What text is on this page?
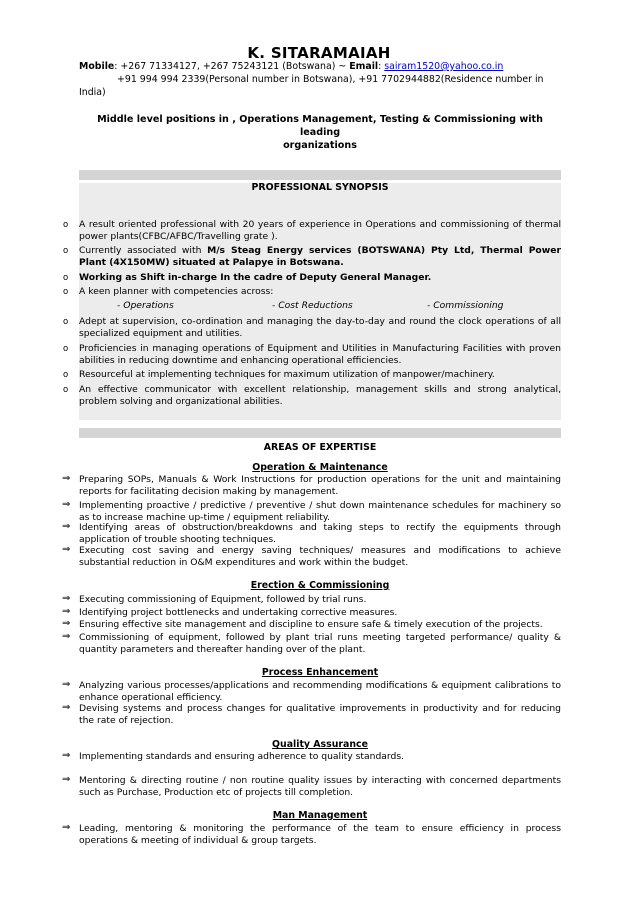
K. SITARAMAIAH
Mobile: +267 71334127, +267 75243121 (Botswana) ~ Email: sairam1520@yahoo.co.in
+91 994 994 2339(Personal number in Botswana), +91 7702944882(Residence number in
India)
Middle level positions in , Operations Management, Testing & Commissioning with leading
organizations
PROFESSIONAL SYNOPSIS
o A result oriented professional with 20 years of experience in Operations and commissioning of thermal power plants(CFBC/AFBC/Travelling grate ).
o Currently associated with M/s Steag Energy services (BOTSWANA) Pty Ltd, Thermal Power Plant (4X150MW) situated at Palapye in Botswana.
o Working as Shift in-charge In the cadre of Deputy General Manager.
o A keen planner with competencies across:
- Operations	- Cost Reductions	- Commissioning
o Adept at supervision, co-ordination and managing the day-to-day and round the clock operations of all specialized equipment and utilities.
o Proficiencies in managing operations of Equipment and Utilities in Manufacturing Facilities with proven abilities in reducing downtime and enhancing operational efficiencies.
o Resourceful at implementing techniques for maximum utilization of manpower/machinery.
o An effective communicator with excellent relationship, management skills and strong analytical, problem solving and organizational abilities.
AREAS OF EXPERTISE
Operation & Maintenance
⇒ Preparing SOPs, Manuals & Work Instructions for production operations for the unit and maintaining reports for facilitating decision making by management.
⇒ Implementing proactive / predictive / preventive / shut down maintenance schedules for machinery so as to increase machine up-time / equipment reliability.
⇒ Identifying areas of obstruction/breakdowns and taking steps to rectify the equipments through application of trouble shooting techniques.
⇒ Executing cost saving and energy saving techniques/ measures and modifications to achieve substantial reduction in O&M expenditures and work within the budget.
Erection & Commissioning
⇒ Executing commissioning of Equipment, followed by trial runs.
⇒ Identifying project bottlenecks and undertaking corrective measures.
⇒ Ensuring effective site management and discipline to ensure safe & timely execution of the projects.
⇒ Commissioning of equipment, followed by plant trial runs meeting targeted performance/ quality & quantity parameters and thereafter handing over of the plant.
Process Enhancement
⇒ Analyzing various processes/applications and recommending modifications & equipment calibrations to enhance operational efficiency.
⇒ Devising systems and process changes for qualitative improvements in productivity and for reducing the rate of rejection.
Quality Assurance
⇒ Implementing standards and ensuring adherence to quality standards.
⇒ Mentoring & directing routine / non routine quality issues by interacting with concerned departments such as Purchase, Production etc of projects till completion.
Man Management
⇒ Leading, mentoring & monitoring the performance of the team to ensure efficiency in process operations & meeting of individual & group targets.
